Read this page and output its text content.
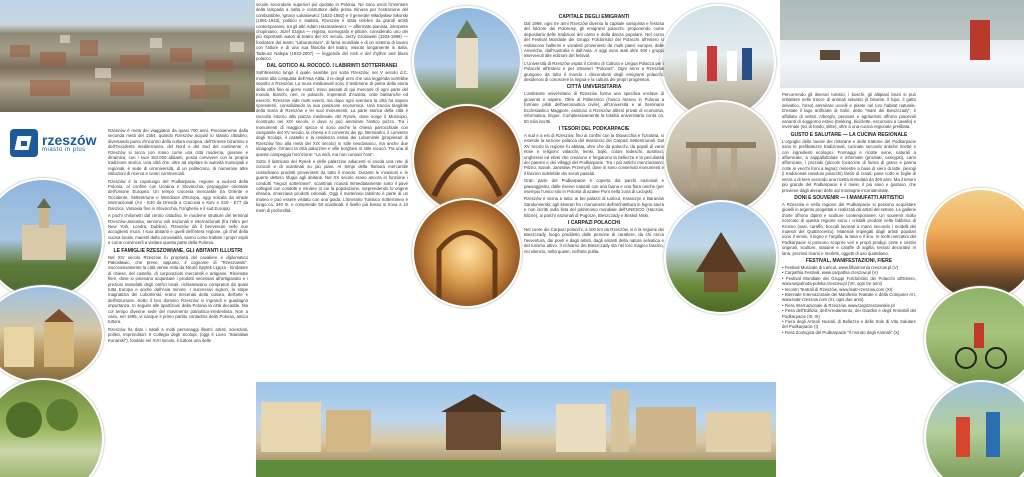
rzeszów
miasto in plus

Rzeszów è meta dei viaggiatori da quasi 700 anni. Precisamente dalla seconda metà del 1354, quando Rzeszów acquisì lo statuto cittadino, diventando punto d'incontro della cultura europea, dell'Oriente bizantino e dell'Occidente mediterraneo, del Nord e del Sud del continente. A Rzeszów si tocca con mano come una città moderna, giovane e dinamica, con i suoi 163.000 abitanti, possa convivere con la propria tradizione storica. Una città che, oltre ad ospitare le autorità municipali e regionali, è sede di un'università, di un politecnico, di numerose altre istituzioni di ricerca e centri commerciali.

Rzeszów è la capoluogo del Podkarpacie, regione a sud-est della Polonia, al confine con Ucraina e Slovacchia, propaggine orientale dell'Unione Europea. Un tempo crocevia mercantile tra Oriente e Occidente, Settentrione e Meridione d'Europa, oggi solcata da strade internazionali (A4 - E40 da Dresda a Cracovia e Kiev e S19 - E77 da Danzica, Varsavia fino in Slovacchia, l'Ungheria e il sud Europa).

A pochi chilometri dal centro cittadino, le moderne strutture del terminal Rzeszów-Jasionka, servono voli nazionali e internazionali (fra l'altro per New York, Londra, Dublino). Rzeszów dà il benvenuto nelle sue accoglienti mura. I suoi abitanti e quelli dell'intera regione, gli chef della cucina locale, maestri della convivialità, sanno come trattare i propri ospiti e come convincerli a visitare questa parte della Polonia.

LE FAMIGLIE RZESZOWIANE, GLI ABITANTI ILLUSTRI

Nel XIV secolo Rzeszów fu proprietà del cavaliere e diplomatico Pakosławic, che prese, appunto, il cognome di "Rzeszowski". Successivamente la città venne retta da Nicolò Spytek Ligęza - fondatore di chiese, del castello, di corporazioni mercantili e artigiane. Rinomate fiere, dove si potevano acquistare i prodotti necessari all'artigianato e i preziosi manufatti degli orefici locali, richiamavano compratori da quasi tutta Europa e anche dall'Asia minore. I successivi signori, la stirpe magnatizia dei Lubomirski, erano mecenati della cultura, dell'arte e dell'istruzione. Sotto il loro dominio Rzeszów si ingrandì e guadagnò importanza. In seguito alle spartizioni della Polonia la città decadde. Ma col tempo divenne sede del movimento patriottico-irredentista. Non a caso, nel 1895, vi nacque il primo partito contadino della Polonia, antico tuttora.

Rzeszów ha dato i natali a molti personaggi illustri: artisti, scienziati, politici, imprenditori. Il Collegio degli Scolopi, (oggi il Liceo "Stanisław Konarski"), fondato nel XVII secolo, è tuttora una delle

scuole secondarie superiori più quotate in Polonia. Ne sono usciti l'inventore della lampada a nafta e costruttore della prima miniera per l'estrazione del combustibile, Ignacy Łukasiewicz (1822-1882) e il generale Władysław Sikorski (1881-1943), politico e statista. Rzeszów è stata celebre da grandi artisti contemporanei, tra gli altri Adam Hazarasiewicz — affermato pianista, interprete chopiniano, Józef Szajna — regista, scenografo e pittore, considerato uno dei più importanti autori di teatro del XX secolo, Jerzy Grotowski (1933-1999) — fondatore del teatro "Laboratorium", di fama mondiale e di un sistema di lavoro con l'attore e di una sua filosofia del teatro, vissuto lungamente in Italia, Tadeusz Nalepa (1933-2007) — leggenda del rock e del rhythm and blues polacco.

DAL GOTICO AL ROCOCÒ. I LABIRINTI SOTTERRANEI

Sull'itinerario lungo il quale sarebbe poi sorta Rzeszów, nel V secolo d.C. mosse alla conquista dell'Asia Attila, il re degli unni che una leggenda vorrebbe sepolto a Rzeszów. La mura medioevali sono il testimone di pietra della storia della città fino ai giorni nostri. Sono passati di qui mercanti di ogni parte del mondo, bianchi, neri, re polacchi, imperatori d'Austria, orde barbariche ed eserciti. Rzeszów vide molti eventi, ma dopo ogni sventura la città ha saputo riprendersi, consolidando la sua posizione economica. Una traccia tangibile della storia di Rzeszów e lei suoi monumenti. La parte storica della città è raccolta intorno alla piazza medievale del Rynek, dove sorge il Municipio, ricostruito nel XIX secolo, e dove si può ammirare l'antico pozzo. Tra i monumenti di maggior spicco vi sono anche la chiesa parrocchiale con campanile del XV secolo, la chiesa e il convento dei pp. Bernardini, il convento degli Scolopi, il castello e la residenza estiva dei Lubomirski (proprietari di Rzeszów fino alla metà del XIX secolo) in stile neoclassico, ma anche due sinagoghe. Ornano la città palazzine e ville borghesi in stile rococò. Tra una di queste campeggia l'iscrizione: "La vedi, ma non conosci l'ora".

Sotto il lastricato del Rynek e delle palazzine adiacenti si snoda una rete di cunicoli e di scantinati su più piani. Ai tempi della floritura mercantile custodivano prodotti provenienti da tutto il mondo. Durante le invasioni e le guerre dettero rifugio agli abitanti. Nel XX secolo erano ancora in funzione i condotti "negozi sotterranei", scantinati ricavati immediatamente sotto il pavé collegati con condotti e miniere in cui la popolazione, sorprendendo lo origine ebraica, smerciava prodotti coloniali. Oggi il misterioso labirinto è parte di un museo e può essere visitato con una guida. L'itinerario Turistico Sotterraneo è lungo ca. 340 m. e comprende 50 scantinati. Il livello più basso si trova a 10 metri di profondità.

CAPITALE DEGLI EMIGRANTI

Dal 1969, ogni tre anni Rzeszów diventa la capitale variopinta e festosa del folclore dei Polonusy, gli emigranti polacchi, proponendo come depositaria delle tradizioni del canto e della danza popolare. Nel corso del Festival Mondiale dei Gruppi Folcloristici dei Polacchi all'estero si esibiscono ballerini e vocalisti provenienti da molti paesi europei, dalle Americhe, dall'Australia e dall'Asia. A oggi sono stati oltre 400 i gruppi intervenuti alle edizioni del festival.

L'Università di Rzeszów ospita il Centro di Cultura e Lingua Polacca per i Polacchi all'Estero e per Stranieri "Polonus". Ogni anno a Rzeszów giungono da tutto il mondo i discendenti degli emigranti polacchi, desiderosi di conoscere la lingua e la cultura dei propri progenitori.

CITTÀ UNIVERSITARIA

L'ambiente universitario di Rzeszów forma una specifica enclave di gioventù e sapere. Oltre al Politecnico (l'unico Ateneo in Polonia a formare piloti dell'aeronautica civile), all'Università e al Seminario Ecclesiastico Maggiore, esistono a Rzeszów altresì privati di economia, informatica, lingue. Complessivamente la totalità universitaria conta ca. 50 mila iscritti.

I TESORI DEL PODKARPACIE

A sud e a est di Rzeszów, fino ai confini con la Slovacchia e l'Ucraina, si estende la sezione polacca del massiccio dei Carpazi Settentrionali. Dal XV secolo la regione fu abitata, oltre che da polacchi, da popoli di varie etnie e religioni: valacchi, lemki, bojki, coloni tedeschi, austriaci, ungheresi ed ebrei che crearono e forgiarono la bellezza e la peculiarità dei paesini e dei villaggi del Podkarpacie. Tra i più antichi menzioniamo: Pilzno, Sanok, Jarosław, Przemyśl, dove si sono conservati monumenti e il fascino indelebile dei secoli passati.

Gran parte del Podkarpacie è coperta dai parchi nazionali e paesaggistici, dalle riserve naturali con una fauna e una flora uniche (per esempio l'unico sito in Polonia di azalee Pont nella zona di Leżajsk).

Rzeszów è vicina a tutto: ai bei palazzi di Łańcut, Krasiczyn e Baranów Sandomierski; agli itinerari fra i monumenti dell'architettura in legno sacra e non iscritti sulla lista del patrimonio mondiale dell'UNESCO (Haczów, Blizne), ai parchi nazionali di Pogórze, Bieszczady e Beskid Niski.

I CARPAZI POLACCHI

Nel cuore dei Carpazi polacchi, a 100 km da Rzeszów, vi è la regione dei Bieszczady, luogo prediletto dalle persone di carattere, da chi cerca l'avventura, dai poeti e dagli artisti, dagli amanti della natura selvatica e del turismo attivo. Il richiamo dei Bieszczady sta nel loro magico fascino, nei silenzio, nella quiete, nell'aria pulita.

Percorrendo gli itinerari turistici, i boschi, gli altipiani bruni si può imbattere nelle tracce di animali selvatici (il bisonte, il lupo, il gatto selvatico, l'orso) ammirare uccelli e piante nel loro habitat naturale. D'estate il lago artificiale di Solin, detto "mare dei Bieszczady", è affollato di velisti. Alberghi, pensioni e agriturismi offrono piacevoli variantí di soggiorno estivo (trekking, biciclette, escursioni a cavallo) e invernale (sci di fondo, slitte), oltre a una cucina regionale prelibata.

GUSTO E SALUTARE — LA CUCINA REGIONALE

L'orgoglio delle tavole dei ristoranti e delle trattorie del Podkarpacie sono le prelibatezze tradizionali, cucinate secondo antiche ricette e con ingredienti ecologici. Formaggi e ricotte ovine, naturali a affumicate, a zappallottolate e informate (proziaki, osscypki), carni affumicate, i proziaki (piccole focaccine di farina di grano e panna cotte in vecchi forni a legna); minestre a base di siero di latte, pierogi (i tradizionali ravioloni polacchi) farciti di crauti; pane cotto in foglie di verza o di kren secondo una ricetta immutata da 300 anni. Ma il tesoro più grande del Podkarpacie è il miele, il più sano e gustoso, che proviene dagli alveari delle api montagne incontaminate.

DONI E SOUVENIR — I MANUFATTI ARTISTICI

A Rzeszów e nella regione del Podkarpacie si possono acquistare gioielli in argento progettati e realizzati da artisti del settore. Le gallerie d'arte offrono dipinti e sculture contemporanee. Un souvenir molto ricercato di questa regione sono i cristalli prodotti nella fabbrica di Krosno (vasi, caraffe, boccali lavorati a mano secondo i modelli dei maestri del Quattrocento). Materiali impiegati dagli artisti popolari sono il vimini, il legno e l'argilla, la lana e il lino. In molti mercatini del Podkarpacie si possono scoprire veri e propri prodigi, certe e cestini originali, sculture, statuine e caraffe di argilla, tessuti decorativi in lana, preziosi ricami e merletti, oggetti di uso quotidiano.

FESTIVAL, MANIFESTAZIONI, FIERE
• Festival Musicale di Łańcut, www.filharmonia.rzeszow.pl (V)
• Carpathia Festival, www.carpathia.rzeszow.pl (V)
• Festival Mondiale dei Gruppi Folcloristici dei Polacchi all'Estero, www.wspolnota-polska.rzeszow.pl (VII, ogni tre anni)
• Incontri Teatrali di Rzeszów, www.teatr-rzeszow.com (XI)
• Biennale Internazionale del Manifesto Teatrale e della Computer Art, www.teatr-rzeszow.com (XI, ogni due anni).
• Fiera Internazionale di Rzeszów, www.targirzeszowskie.pl
• Fiera dell'Edilizia, dell'Arredamento, dei Giardini e degli Immobili del Podkarpacie (III, IX)
• Fiera degli Articoli Nuziali, di Bellezza e delle Sole di Vita Salutare del Podkarpacie (I)
• Fiera Zoologica del Podkarpacie "Il mondo degli Animali" (X)
